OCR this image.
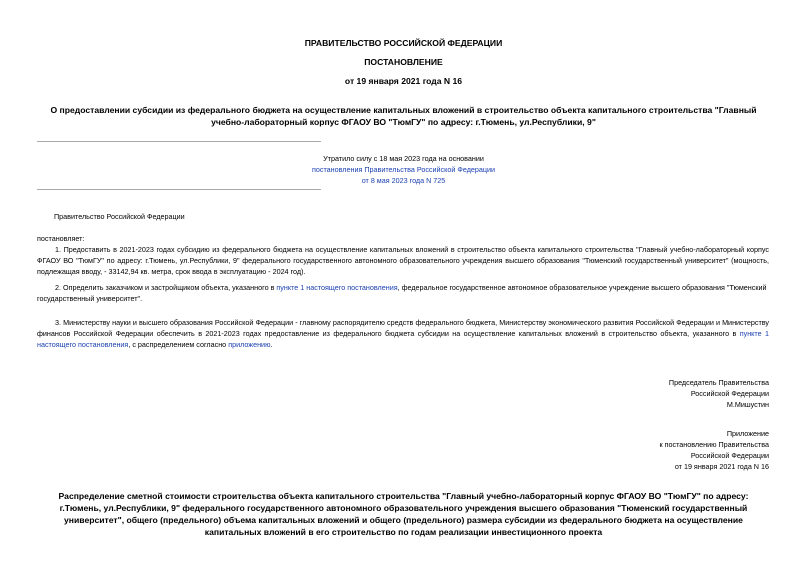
ПРАВИТЕЛЬСТВО РОССИЙСКОЙ ФЕДЕРАЦИИ
ПОСТАНОВЛЕНИЕ
от 19 января 2021 года N 16
О предоставлении субсидии из федерального бюджета на осуществление капитальных вложений в строительство объекта капитального строительства "Главный учебно-лабораторный корпус ФГАОУ ВО "ТюмГУ" по адресу: г.Тюмень, ул.Республики, 9"
Утратило силу с 18 мая 2023 года на основании
постановления Правительства Российской Федерации
от 8 мая 2023 года N 725
Правительство Российской Федерации
постановляет:
1. Предоставить в 2021-2023 годах субсидию из федерального бюджета на осуществление капитальных вложений в строительство объекта капитального строительства "Главный учебно-лабораторный корпус ФГАОУ ВО "ТюмГУ" по адресу: г.Тюмень, ул.Республики, 9" федерального государственного автономного образовательного учреждения высшего образования "Тюменский государственный университет" (мощность, подлежащая вводу, - 33142,94 кв. метра, срок ввода в эксплуатацию - 2024 год).
2. Определить заказчиком и застройщиком объекта, указанного в пункте 1 настоящего постановления, федеральное государственное автономное образовательное учреждение высшего образования "Тюменский государственный университет".
3. Министерству науки и высшего образования Российской Федерации - главному распорядителю средств федерального бюджета, Министерству экономического развития Российской Федерации и Министерству финансов Российской Федерации обеспечить в 2021-2023 годах предоставление из федерального бюджета субсидии на осуществление капитальных вложений в строительство объекта, указанного в пункте 1 настоящего постановления, с распределением согласно приложению.
Председатель Правительства
Российской Федерации
М.Мишустин
Приложение
к постановлению Правительства
Российской Федерации
от 19 января 2021 года N 16
Распределение сметной стоимости строительства объекта капитального строительства "Главный учебно-лабораторный корпус ФГАОУ ВО "ТюмГУ" по адресу: г.Тюмень, ул.Республики, 9" федерального государственного автономного образовательного учреждения высшего образования "Тюменский государственный университет", общего (предельного) объема капитальных вложений и общего (предельного) размера субсидии из федерального бюджета на осуществление капитальных вложений в его строительство по годам реализации инвестиционного проекта
